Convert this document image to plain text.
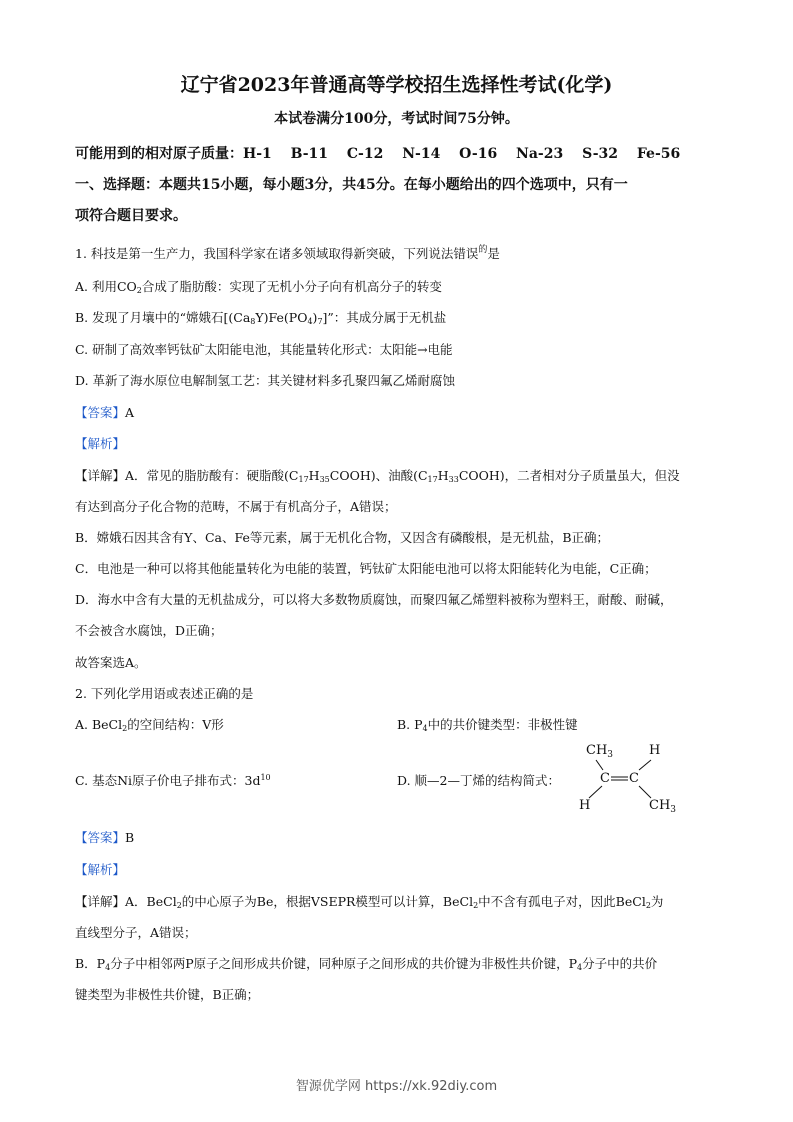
辽宁省2023年普通高等学校招生选择性考试(化学)
本试卷满分100分，考试时间75分钟。
可能用到的相对原子质量：H-1　 B-11　 C-12　 N-14　 O-16　 Na-23　 S-32　 Fe-56
一、选择题：本题共15小题，每小题3分，共45分。在每小题给出的四个选项中，只有一
项符合题目要求。
1. 科技是第一生产力，我国科学家在诸多领域取得新突破，下列说法错误$^的$是
A. 利用$CO_2$合成了脂肪酸：实现了无机小分子向有机高分子的转变
B. 发现了月壤中的“嫦娥石$[(Ca_8Y)Fe(PO_4)_7]$”：其成分属于无机盐
C. 研制了高效率钙钛矿太阳能电池，其能量转化形式：太阳能→电能
D. 革新了海水原位电解制氢工艺：其关键材料多孔聚四氟乙烯耐腐蚀
【答案】A
【解析】
【详解】A．常见的脂肪酸有：硬脂酸$(C_{17}H_{35}COOH)$、油酸$(C_{17}H_{33}COOH)$，二者相对分子质量虽大，但没
有达到高分子化合物的范畴，不属于有机高分子，A错误；
B．嫦娥石因其含有Y、Ca、Fe等元素，属于无机化合物，又因含有磷酸根，是无机盐，B正确；
C．电池是一种可以将其他能量转化为电能的装置，钙钛矿太阳能电池可以将太阳能转化为电能，C正确；
D．海水中含有大量的无机盐成分，可以将大多数物质腐蚀，而聚四氟乙烯塑料被称为塑料王，耐酸、耐碱，
不会被含水腐蚀，D正确；
故答案选A。
2. 下列化学用语或表述正确的是
A. BeCl$_2$的空间结构：V形	B. $P_4$中的共价键类型：非极性键
C. 基态Ni原子价电子排布式：$3d^{10}$	D. 顺—2—丁烯的结构简式：
$CH_3$	H
C C
H	$CH_3$
【答案】B
【解析】
【详解】A．BeCl$_2$的中心原子为Be，根据VSEPR模型可以计算，BeCl$_2$中不含有孤电子对，因此BeCl$_2$为
直线型分子，A错误；
B．$P_4$分子中相邻两P原子之间形成共价键，同种原子之间形成的共价键为非极性共价键，$P_4$分子中的共价
键类型为非极性共价键，B正确；
智源优学网 https://xk.92diy.com
